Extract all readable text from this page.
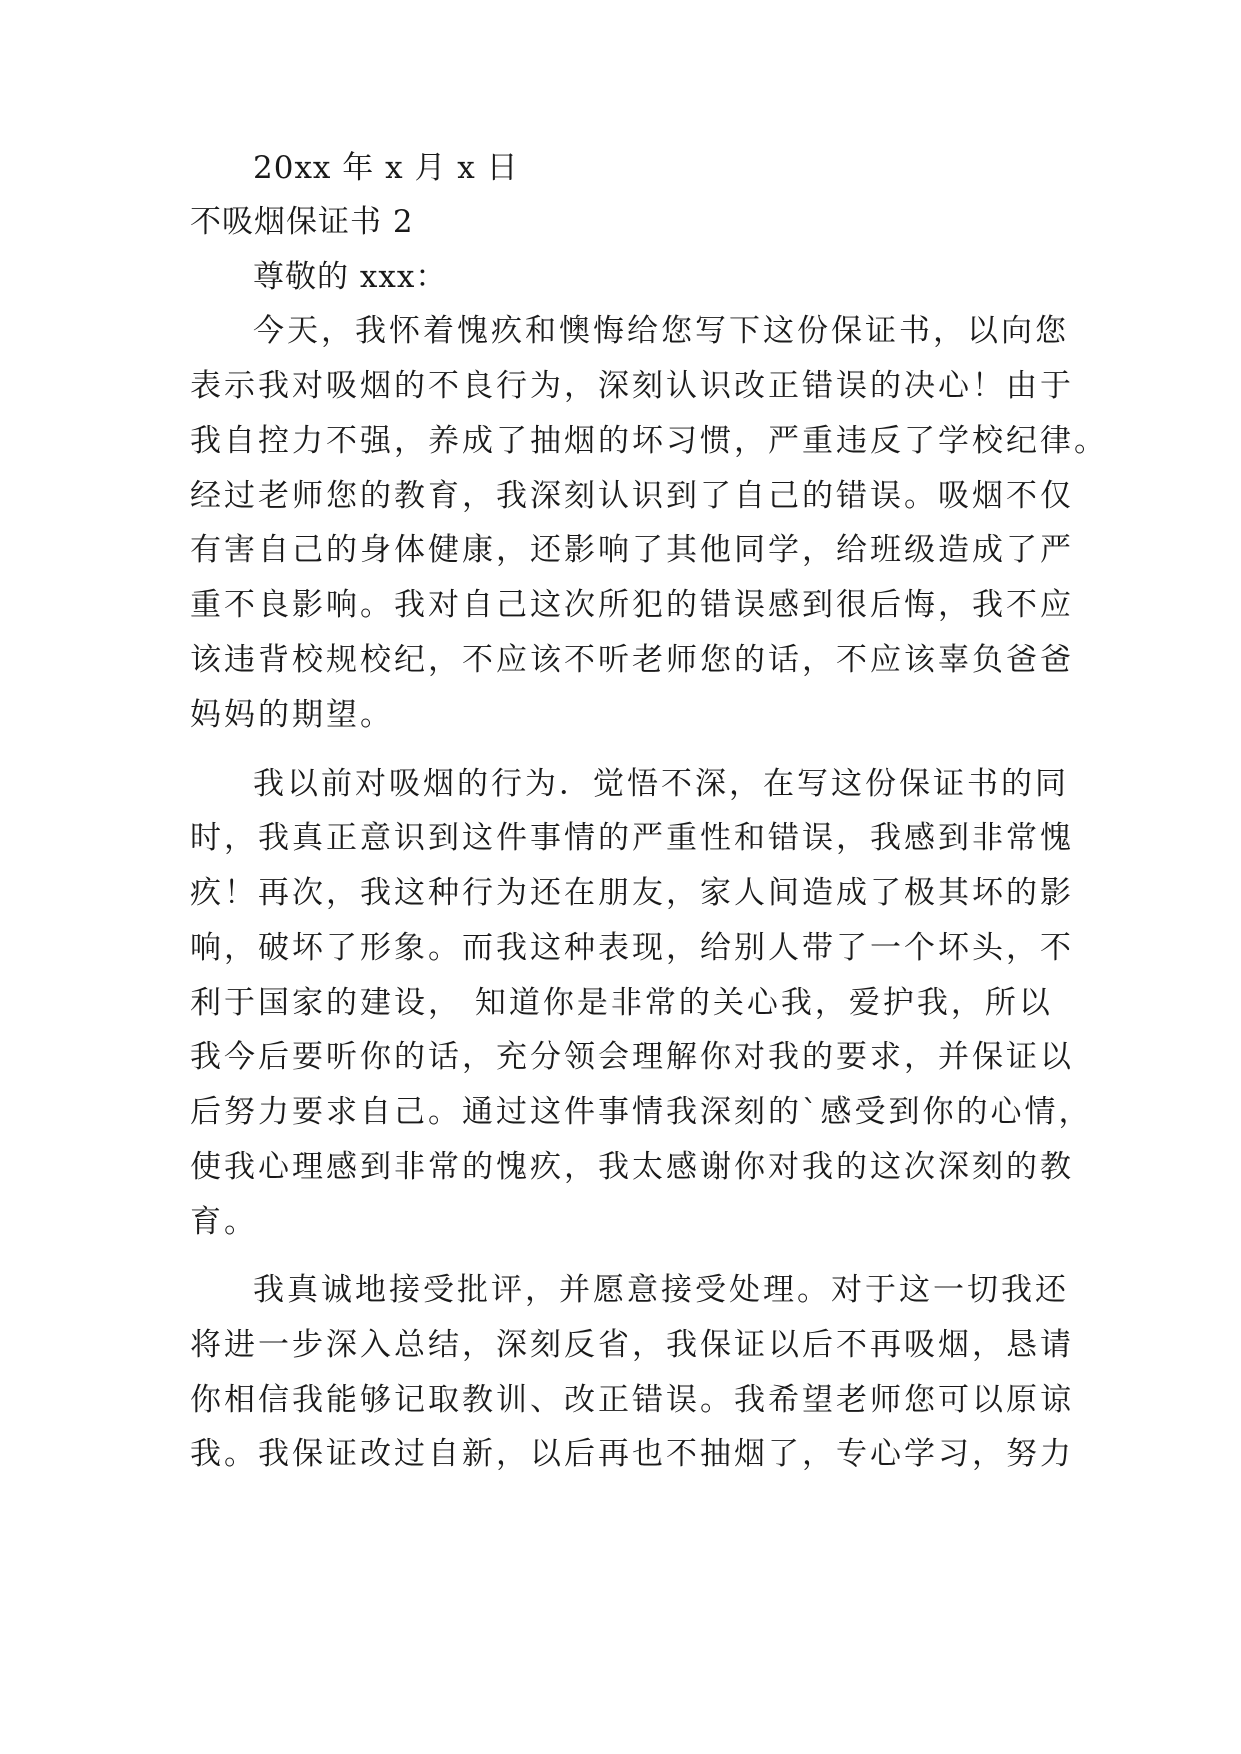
20xx 年 x 月 x 日
不吸烟保证书 2
尊敬的 xxx：
今天，我怀着愧疚和懊悔给您写下这份保证书，以向您
表示我对吸烟的不良行为，深刻认识改正错误的决心！由于
我自控力不强，养成了抽烟的坏习惯，严重违反了学校纪律。
经过老师您的教育，我深刻认识到了自己的错误。吸烟不仅
有害自己的身体健康，还影响了其他同学，给班级造成了严
重不良影响。我对自己这次所犯的错误感到很后悔，我不应
该违背校规校纪，不应该不听老师您的话，不应该辜负爸爸
妈妈的期望。
我以前对吸烟的行为．觉悟不深，在写这份保证书的同
时，我真正意识到这件事情的严重性和错误，我感到非常愧
疚！再次，我这种行为还在朋友，家人间造成了极其坏的影
响，破坏了形象。而我这种表现，给别人带了一个坏头，不
利于国家的建设， 知道你是非常的关心我，爱护我，所以
我今后要听你的话，充分领会理解你对我的要求，并保证以
后努力要求自己。通过这件事情我深刻的`感受到你的心情，
使我心理感到非常的愧疚，我太感谢你对我的这次深刻的教
育。
我真诚地接受批评，并愿意接受处理。对于这一切我还
将进一步深入总结，深刻反省，我保证以后不再吸烟，恳请
你相信我能够记取教训、改正错误。我希望老师您可以原谅
我。我保证改过自新，以后再也不抽烟了，专心学习，努力
